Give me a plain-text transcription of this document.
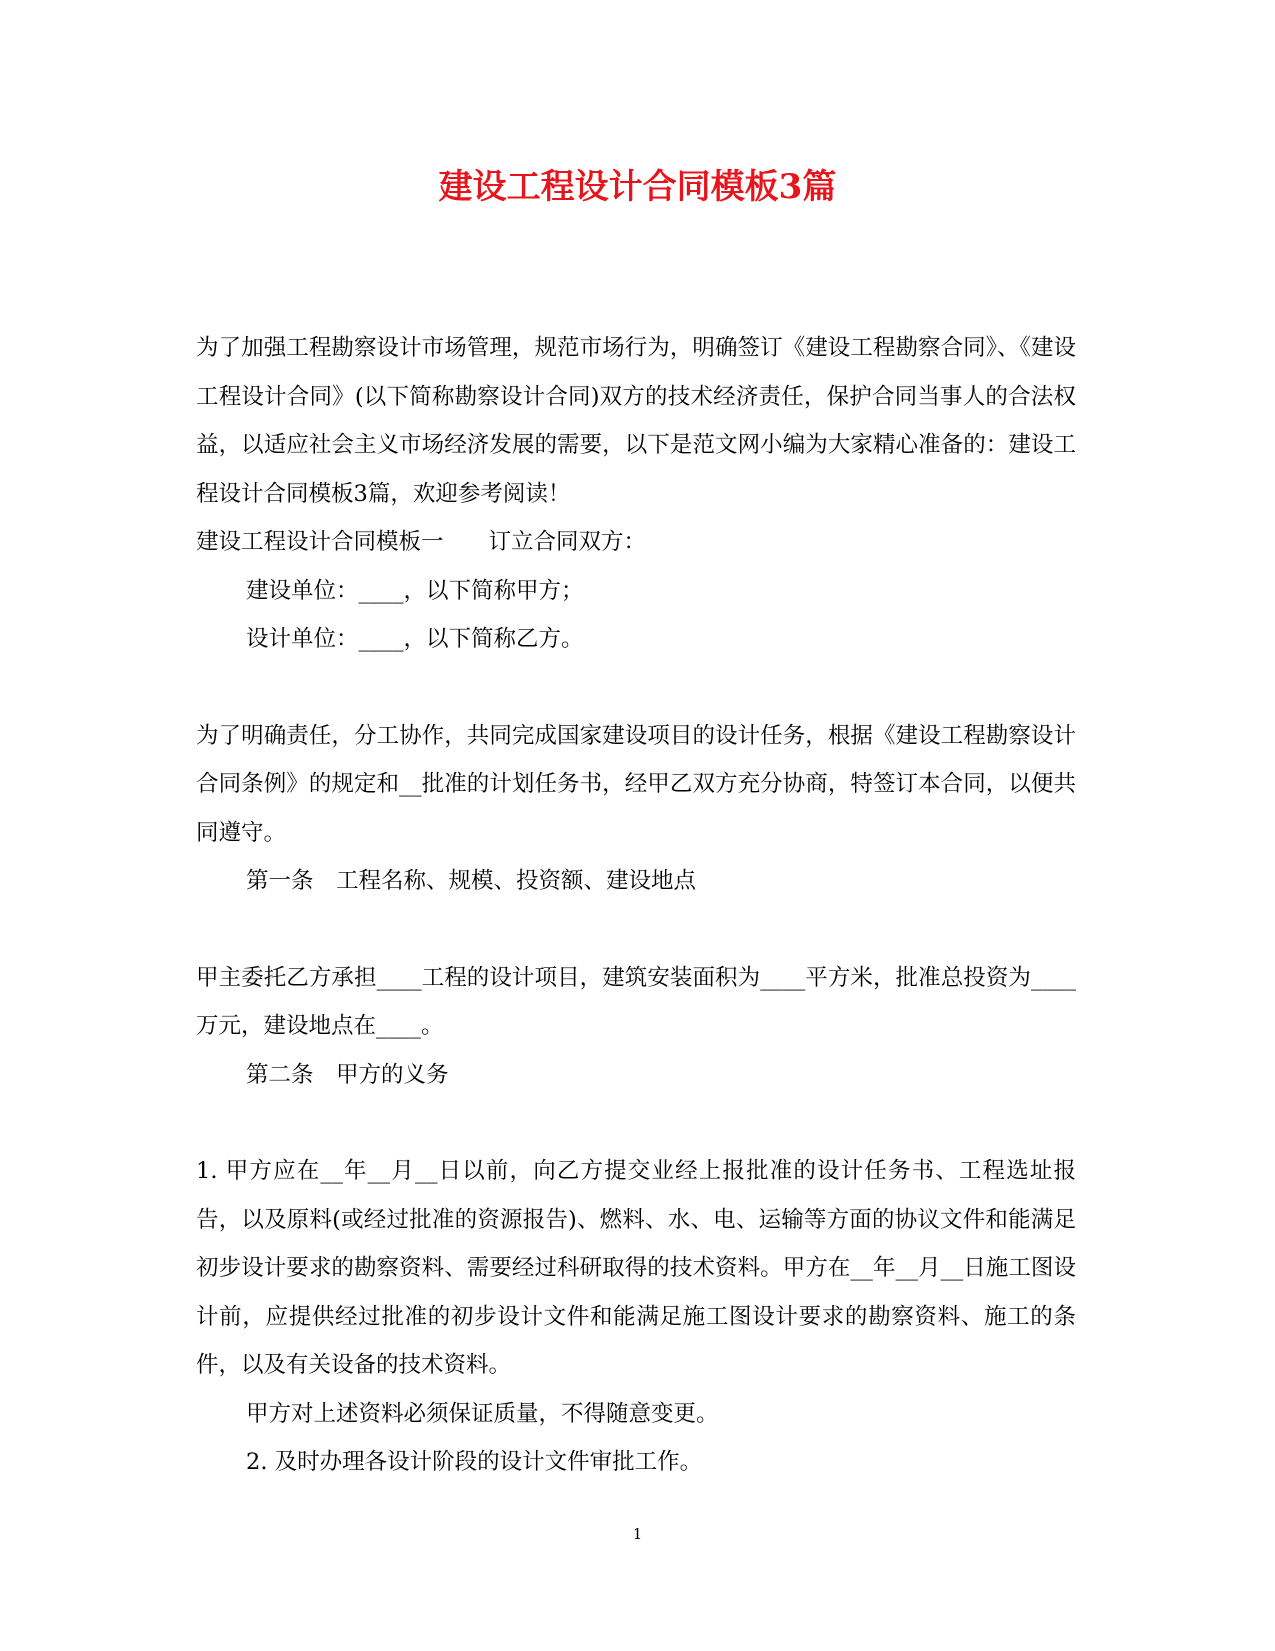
建设工程设计合同模板3篇

为了加强工程勘察设计市场管理，规范市场行为，明确签订《建设工程勘察合同》、《建设工程设计合同》(以下简称勘察设计合同)双方的技术经济责任，保护合同当事人的合法权益，以适应社会主义市场经济发展的需要，以下是范文网小编为大家精心准备的：建设工程设计合同模板3篇，欢迎参考阅读！

建设工程设计合同模板一　　订立合同双方：

建设单位：____，以下简称甲方；

设计单位：____，以下简称乙方。

为了明确责任，分工协作，共同完成国家建设项目的设计任务，根据《建设工程勘察设计合同条例》的规定和__批准的计划任务书，经甲乙双方充分协商，特签订本合同，以便共同遵守。

第一条　工程名称、规模、投资额、建设地点

甲主委托乙方承担____工程的设计项目，建筑安装面积为____平方米，批准总投资为____万元，建设地点在____。

第二条　甲方的义务

1. 甲方应在__年__月__日以前，向乙方提交业经上报批准的设计任务书、工程选址报告，以及原料(或经过批准的资源报告)、燃料、水、电、运输等方面的协议文件和能满足初步设计要求的勘察资料、需要经过科研取得的技术资料。甲方在__年__月__日施工图设计前，应提供经过批准的初步设计文件和能满足施工图设计要求的勘察资料、施工的条件，以及有关设备的技术资料。

甲方对上述资料必须保证质量，不得随意变更。

2. 及时办理各设计阶段的设计文件审批工作。

1
